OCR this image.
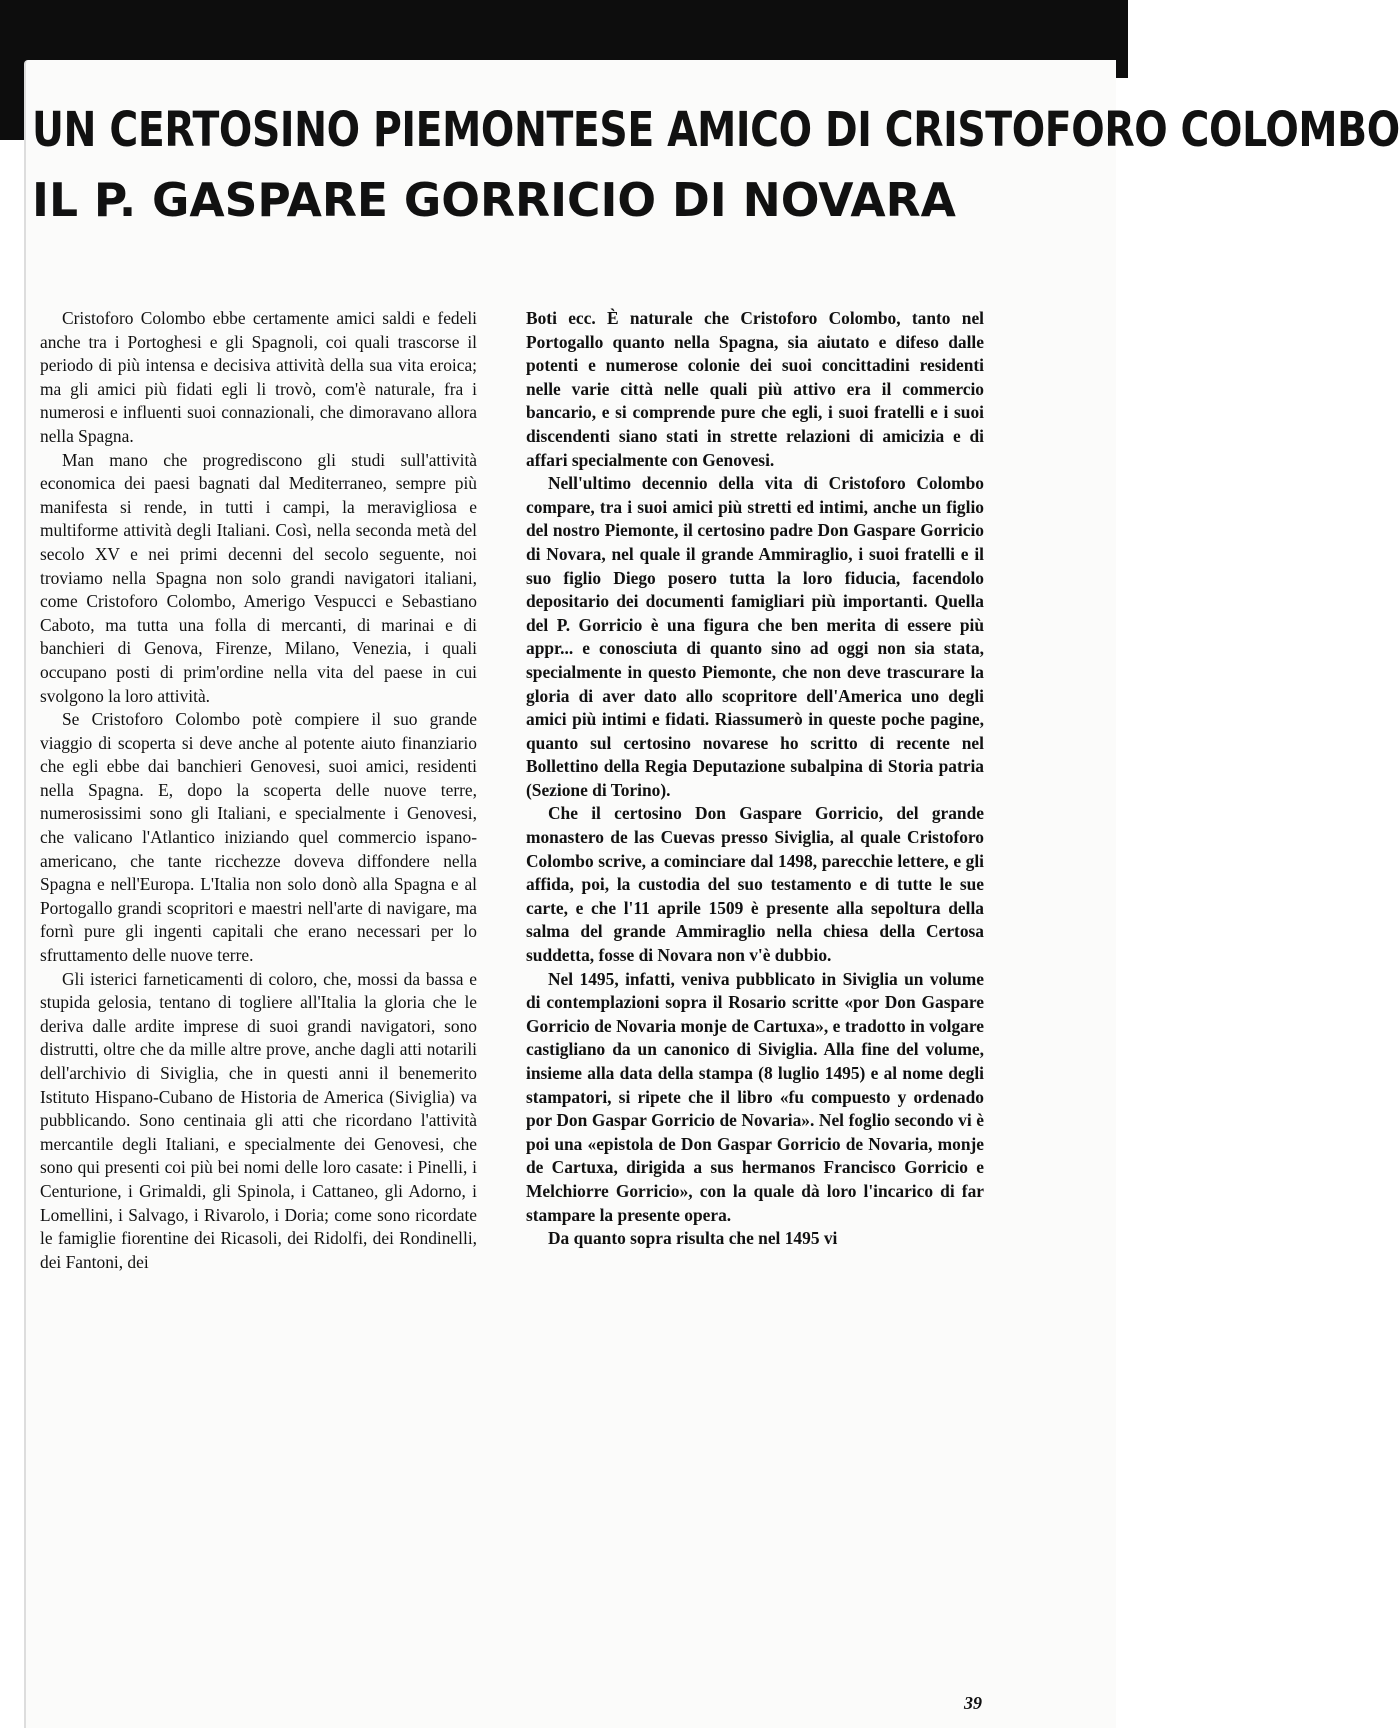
UN CERTOSINO PIEMONTESE AMICO DI CRISTOFORO COLOMBO
IL P. GASPARE GORRICIO DI NOVARA

Cristoforo Colombo ebbe certamente amici saldi e fedeli anche tra i Portoghesi e gli Spagnoli, coi quali trascorse il periodo di più intensa e decisiva attività della sua vita eroica; ma gli amici più fidati egli li trovò, com'è naturale, fra i numerosi e influenti suoi connazionali, che dimoravano allora nella Spagna.

Man mano che progrediscono gli studi sull'attività economica dei paesi bagnati dal Mediterraneo, sempre più manifesta si rende, in tutti i campi, la meravigliosa e multiforme attività degli Italiani. Così, nella seconda metà del secolo XV e nei primi decenni del secolo seguente, noi troviamo nella Spagna non solo grandi navigatori italiani, come Cristoforo Colombo, Amerigo Vespucci e Sebastiano Caboto, ma tutta una folla di mercanti, di marinai e di banchieri di Genova, Firenze, Milano, Venezia, i quali occupano posti di prim'ordine nella vita del paese in cui svolgono la loro attività.

Se Cristoforo Colombo potè compiere il suo grande viaggio di scoperta si deve anche al potente aiuto finanziario che egli ebbe dai banchieri Genovesi, suoi amici, residenti nella Spagna. E, dopo la scoperta delle nuove terre, numerosissimi sono gli Italiani, e specialmente i Genovesi, che valicano l'Atlantico iniziando quel commercio ispano-americano, che tante ricchezze doveva diffondere nella Spagna e nell'Europa. L'Italia non solo donò alla Spagna e al Portogallo grandi scopritori e maestri nell'arte di navigare, ma fornì pure gli ingenti capitali che erano necessari per lo sfruttamento delle nuove terre.

Gli isterici farneticamenti di coloro, che, mossi da bassa e stupida gelosia, tentano di togliere all'Italia la gloria che le deriva dalle ardite imprese di suoi grandi navigatori, sono distrutti, oltre che da mille altre prove, anche dagli atti notarili dell'archivio di Siviglia, che in questi anni il benemerito Istituto Hispano-Cubano de Historia de America (Siviglia) va pubblicando. Sono centinaia gli atti che ricordano l'attività mercantile degli Italiani, e specialmente dei Genovesi, che sono qui presenti coi più bei nomi delle loro casate: i Pinelli, i Centurione, i Grimaldi, gli Spinola, i Cattaneo, gli Adorno, i Lomellini, i Salvago, i Rivarolo, i Doria; come sono ricordate le famiglie fiorentine dei Ricasoli, dei Ridolfi, dei Rondinelli, dei Fantoni, dei

Boti ecc. È naturale che Cristoforo Colombo, tanto nel Portogallo quanto nella Spagna, sia aiutato e difeso dalle potenti e numerose colonie dei suoi concittadini residenti nelle varie città nelle quali più attivo era il commercio bancario, e si comprende pure che egli, i suoi fratelli e i suoi discendenti siano stati in strette relazioni di amicizia e di affari specialmente con Genovesi.

Nell'ultimo decennio della vita di Cristoforo Colombo compare, tra i suoi amici più stretti ed intimi, anche un figlio del nostro Piemonte, il certosino padre Don Gaspare Gorricio di Novara, nel quale il grande Ammiraglio, i suoi fratelli e il suo figlio Diego posero tutta la loro fiducia, facendolo depositario dei documenti famigliari più importanti. Quella del P. Gorricio è una figura che ben merita di essere più appr... e conosciuta di quanto sino ad oggi non sia stata, specialmente in questo Piemonte, che non deve trascurare la gloria di aver dato allo scopritore dell'America uno degli amici più intimi e fidati. Riassumerò in queste poche pagine, quanto sul certosino novarese ho scritto di recente nel Bollettino della Regia Deputazione subalpina di Storia patria (Sezione di Torino).

Che il certosino Don Gaspare Gorricio, del grande monastero de las Cuevas presso Siviglia, al quale Cristoforo Colombo scrive, a cominciare dal 1498, parecchie lettere, e gli affida, poi, la custodia del suo testamento e di tutte le sue carte, e che l'11 aprile 1509 è presente alla sepoltura della salma del grande Ammiraglio nella chiesa della Certosa suddetta, fosse di Novara non v'è dubbio.

Nel 1495, infatti, veniva pubblicato in Siviglia un volume di contemplazioni sopra il Rosario scritte «por Don Gaspare Gorricio de Novaria monje de Cartuxa», e tradotto in volgare castigliano da un canonico di Siviglia. Alla fine del volume, insieme alla data della stampa (8 luglio 1495) e al nome degli stampatori, si ripete che il libro «fu compuesto y ordenado por Don Gaspar Gorricio de Novaria». Nel foglio secondo vi è poi una «epistola de Don Gaspar Gorricio de Novaria, monje de Cartuxa, dirigida a sus hermanos Francisco Gorricio e Melchiorre Gorricio», con la quale dà loro l'incarico di far stampare la presente opera.

Da quanto sopra risulta che nel 1495 vi

39
